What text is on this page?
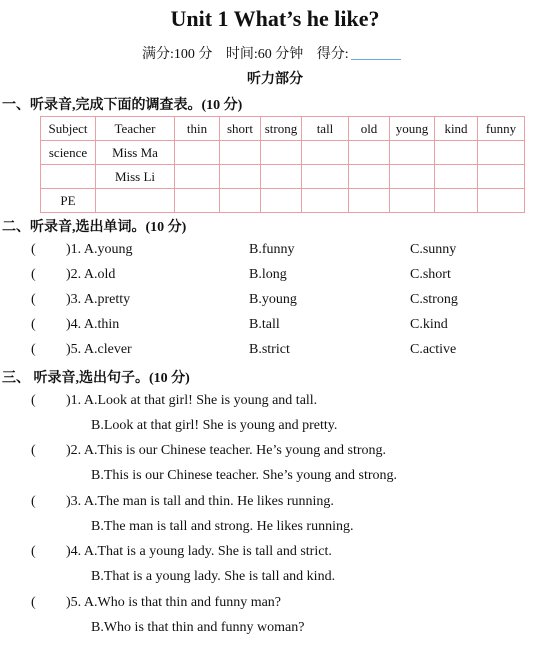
Unit 1 What’s he like?
满分:100 分 时间:60 分钟 得分:
听力部分
一、听录音,完成下面的调查表。(10 分)
Subject	Teacher	thin	short	strong	tall	old	young	kind	funny
science	Miss Ma								
	Miss Li								
PE									
二、听录音,选出单词。(10 分)
( )1. A.young	B.funny	C.sunny
( )2. A.old	B.long	C.short
( )3. A.pretty	B.young	C.strong
( )4. A.thin	B.tall	C.kind
( )5. A.clever	B.strict	C.active
三、 听录音,选出句子。(10 分)
( )1. A.Look at that girl! She is young and tall.
B.Look at that girl! She is young and pretty.
( )2. A.This is our Chinese teacher. He’s young and strong.
B.This is our Chinese teacher. She’s young and strong.
( )3. A.The man is tall and thin. He likes running.
B.The man is tall and strong. He likes running.
( )4. A.That is a young lady. She is tall and strict.
B.That is a young lady. She is tall and kind.
( )5. A.Who is that thin and funny man?
B.Who is that thin and funny woman?
